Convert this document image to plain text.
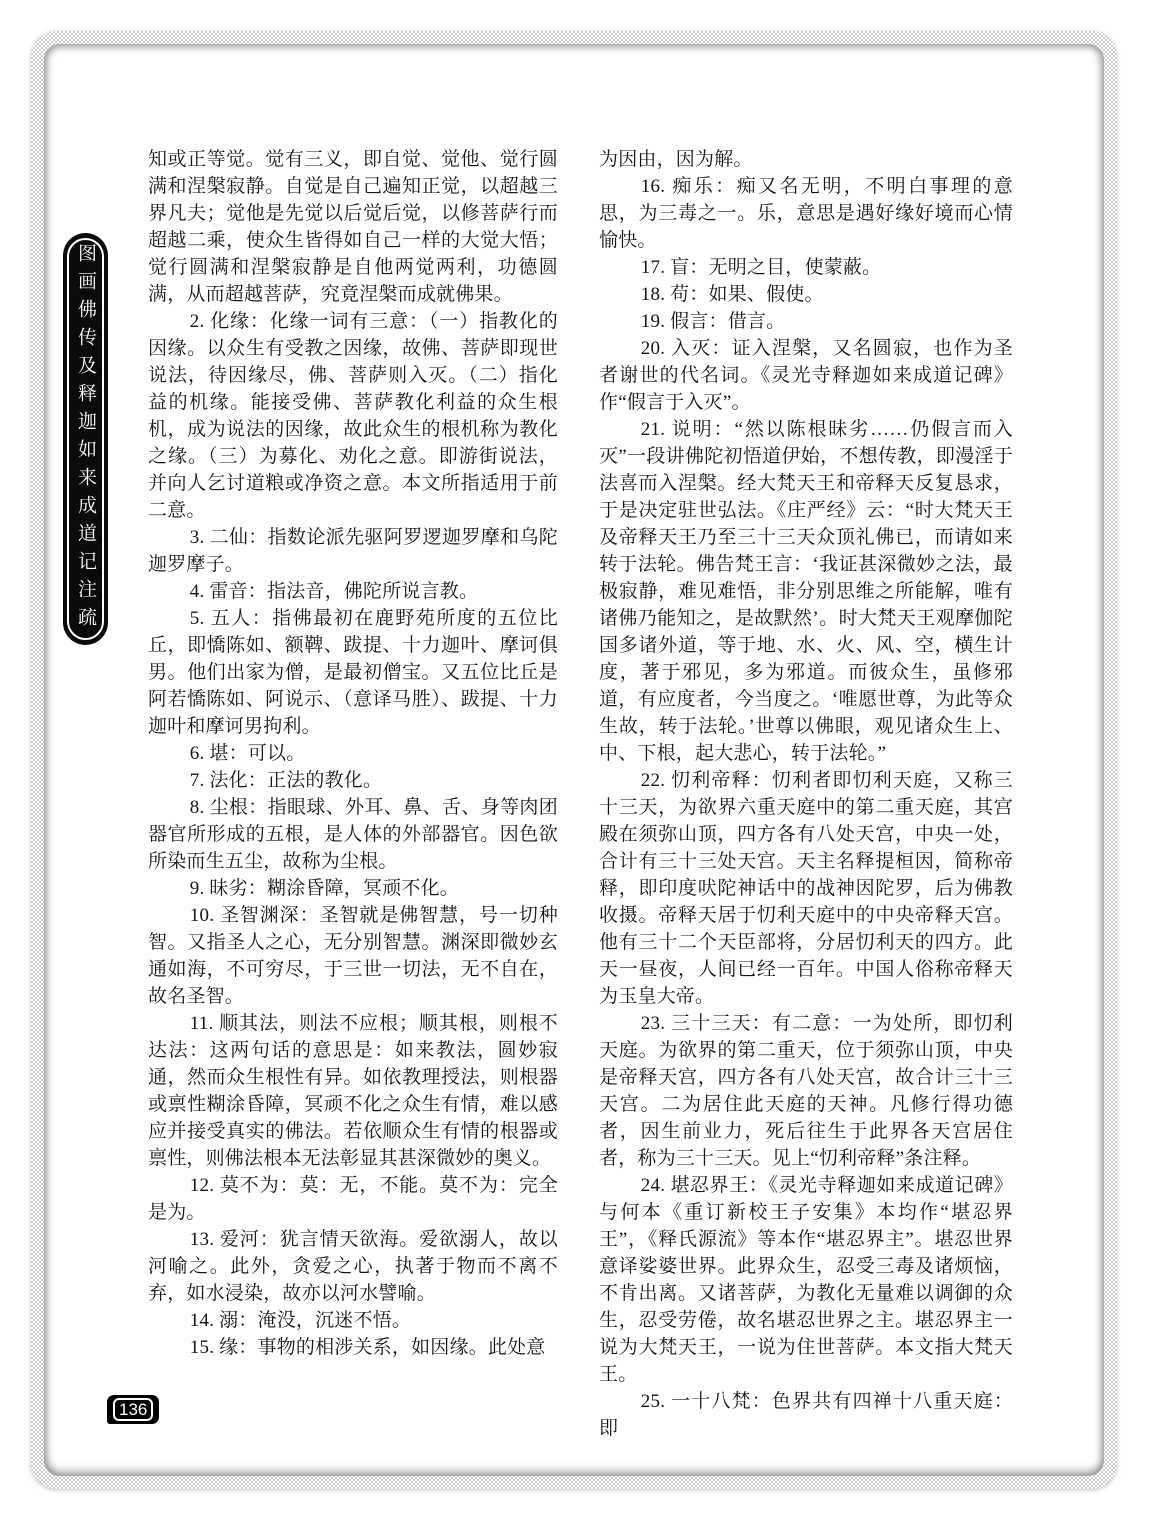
图画佛传及释迦如来成道记注疏

知或正等觉。觉有三义，即自觉、觉他、觉行圆满和涅槃寂静。自觉是自己遍知正觉，以超越三界凡夫；觉他是先觉以后觉后觉，以修菩萨行而超越二乘，使众生皆得如自己一样的大觉大悟；觉行圆满和涅槃寂静是自他两觉两利，功德圆满，从而超越菩萨，究竟涅槃而成就佛果。

2. 化缘：化缘一词有三意：（一）指教化的因缘。以众生有受教之因缘，故佛、菩萨即现世说法，待因缘尽，佛、菩萨则入灭。（二）指化益的机缘。能接受佛、菩萨教化利益的众生根机，成为说法的因缘，故此众生的根机称为教化之缘。（三）为募化、劝化之意。即游街说法，并向人乞讨道粮或净资之意。本文所指适用于前二意。

3. 二仙：指数论派先驱阿罗逻迦罗摩和乌陀迦罗摩子。

4. 雷音：指法音，佛陀所说言教。

5. 五人：指佛最初在鹿野苑所度的五位比丘，即憍陈如、额鞞、跋提、十力迦叶、摩诃俱男。他们出家为僧，是最初僧宝。又五位比丘是阿若憍陈如、阿说示、（意译马胜）、跋提、十力迦叶和摩诃男拘利。

6. 堪：可以。

7. 法化：正法的教化。

8. 尘根：指眼球、外耳、鼻、舌、身等肉团器官所形成的五根，是人体的外部器官。因色欲所染而生五尘，故称为尘根。

9. 昧劣：糊涂昏障，冥顽不化。

10. 圣智渊深：圣智就是佛智慧，号一切种智。又指圣人之心，无分别智慧。渊深即微妙玄通如海，不可穷尽，于三世一切法，无不自在，故名圣智。

11. 顺其法，则法不应根；顺其根，则根不达法：这两句话的意思是：如来教法，圆妙寂通，然而众生根性有异。如依教理授法，则根器或禀性糊涂昏障，冥顽不化之众生有情，难以感应并接受真实的佛法。若依顺众生有情的根器或禀性，则佛法根本无法彰显其甚深微妙的奥义。

12. 莫不为：莫：无，不能。莫不为：完全是为。

13. 爱河：犹言情天欲海。爱欲溺人，故以河喻之。此外，贪爱之心，执著于物而不离不弃，如水浸染，故亦以河水譬喻。

14. 溺：淹没，沉迷不悟。

15. 缘：事物的相涉关系，如因缘。此处意

为因由，因为解。

16. 痴乐：痴又名无明，不明白事理的意思，为三毒之一。乐，意思是遇好缘好境而心情愉快。

17. 盲：无明之目，使蒙蔽。

18. 苟：如果、假使。

19. 假言：借言。

20. 入灭：证入涅槃，又名圆寂，也作为圣者谢世的代名词。《灵光寺释迦如来成道记碑》作“假言于入灭”。

21. 说明：“然以陈根昧劣……仍假言而入灭”一段讲佛陀初悟道伊始，不想传教，即漫淫于法喜而入涅槃。经大梵天王和帝释天反复恳求，于是决定驻世弘法。《庄严经》云：“时大梵天王及帝释天王乃至三十三天众顶礼佛已，而请如来转于法轮。佛告梵王言：‘我证甚深微妙之法，最极寂静，难见难悟，非分别思维之所能解，唯有诸佛乃能知之，是故默然’。时大梵天王观摩伽陀国多诸外道，等于地、水、火、风、空，横生计度，著于邪见，多为邪道。而彼众生，虽修邪道，有应度者，今当度之。‘唯愿世尊，为此等众生故，转于法轮。’世尊以佛眼，观见诸众生上、中、下根，起大悲心，转于法轮。”

22. 忉利帝释：忉利者即忉利天庭，又称三十三天，为欲界六重天庭中的第二重天庭，其宫殿在须弥山顶，四方各有八处天宫，中央一处，合计有三十三处天宫。天主名释提桓因，简称帝释，即印度吠陀神话中的战神因陀罗，后为佛教收摄。帝释天居于忉利天庭中的中央帝释天宫。他有三十二个天臣部将，分居忉利天的四方。此天一昼夜，人间已经一百年。中国人俗称帝释天为玉皇大帝。

23. 三十三天：有二意：一为处所，即忉利天庭。为欲界的第二重天，位于须弥山顶，中央是帝释天宫，四方各有八处天宫，故合计三十三天宫。二为居住此天庭的天神。凡修行得功德者，因生前业力，死后往生于此界各天宫居住者，称为三十三天。见上“忉利帝释”条注释。

24. 堪忍界王：《灵光寺释迦如来成道记碑》与何本《重订新校王子安集》本均作“堪忍界王”，《释氏源流》等本作“堪忍界主”。堪忍世界意译娑婆世界。此界众生，忍受三毒及诸烦恼，不肯出离。又诸菩萨，为教化无量难以调御的众生，忍受劳倦，故名堪忍世界之主。堪忍界主一说为大梵天王，一说为住世菩萨。本文指大梵天王。

25. 一十八梵：色界共有四禅十八重天庭：即

136
